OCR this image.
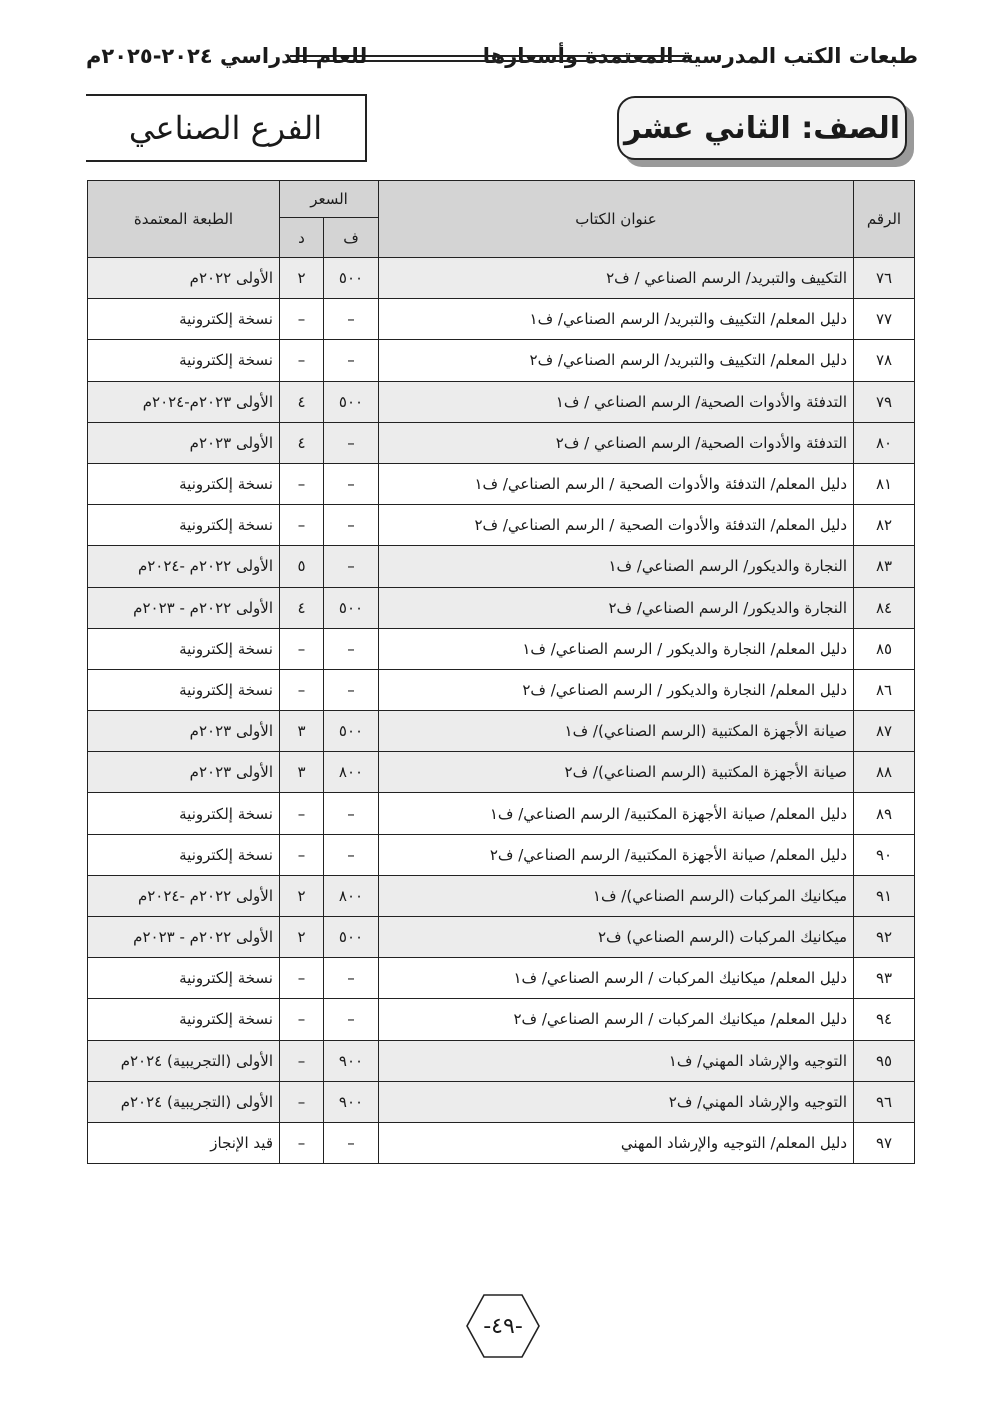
طبعات الكتب المدرسية المعتمدة وأسعارها
للعام الدراسي ٢٠٢٤-٢٠٢٥م
الصف: الثاني عشر
الفرع الصناعي
الرقم	عنوان الكتاب	السعر		الطبعة المعتمدة
		ف	د	
٧٦	التكييف والتبريد/ الرسم الصناعي / ف٢	٥٠٠	٢	الأولى ٢٠٢٢م
٧٧	دليل المعلم/ التكييف والتبريد/ الرسم الصناعي/ ف١	–	–	نسخة إلكترونية
٧٨	دليل المعلم/ التكييف والتبريد/ الرسم الصناعي/ ف٢	–	–	نسخة إلكترونية
٧٩	التدفئة والأدوات الصحية/ الرسم الصناعي / ف١	٥٠٠	٤	الأولى ٢٠٢٣م-٢٠٢٤م
٨٠	التدفئة والأدوات الصحية/ الرسم الصناعي / ف٢	–	٤	الأولى ٢٠٢٣م
٨١	دليل المعلم/ التدفئة والأدوات الصحية / الرسم الصناعي/ ف١	–	–	نسخة إلكترونية
٨٢	دليل المعلم/ التدفئة والأدوات الصحية / الرسم الصناعي/ ف٢	–	–	نسخة إلكترونية
٨٣	النجارة والديكور/ الرسم الصناعي/ ف١	–	٥	الأولى ٢٠٢٢م -٢٠٢٤م
٨٤	النجارة والديكور/ الرسم الصناعي/ ف٢	٥٠٠	٤	الأولى ٢٠٢٢م - ٢٠٢٣م
٨٥	دليل المعلم/ النجارة والديكور / الرسم الصناعي/ ف١	–	–	نسخة إلكترونية
٨٦	دليل المعلم/ النجارة والديكور / الرسم الصناعي/ ف٢	–	–	نسخة إلكترونية
٨٧	صيانة الأجهزة المكتبية (الرسم الصناعي)/ ف١	٥٠٠	٣	الأولى ٢٠٢٣م
٨٨	صيانة الأجهزة المكتبية (الرسم الصناعي)/ ف٢	٨٠٠	٣	الأولى ٢٠٢٣م
٨٩	دليل المعلم/ صيانة الأجهزة المكتبية/ الرسم الصناعي/ ف١	–	–	نسخة إلكترونية
٩٠	دليل المعلم/ صيانة الأجهزة المكتبية/ الرسم الصناعي/ ف٢	–	–	نسخة إلكترونية
٩١	ميكانيك المركبات (الرسم الصناعي)/ ف١	٨٠٠	٢	الأولى ٢٠٢٢م -٢٠٢٤م
٩٢	ميكانيك المركبات (الرسم الصناعي) ف٢	٥٠٠	٢	الأولى ٢٠٢٢م - ٢٠٢٣م
٩٣	دليل المعلم/ ميكانيك المركبات / الرسم الصناعي/ ف١	–	–	نسخة إلكترونية
٩٤	دليل المعلم/ ميكانيك المركبات / الرسم الصناعي/ ف٢	–	–	نسخة إلكترونية
٩٥	التوجيه والإرشاد المهني/ ف١	٩٠٠	–	الأولى (التجريبية) ٢٠٢٤م
٩٦	التوجيه والإرشاد المهني/ ف٢	٩٠٠	–	الأولى (التجريبية) ٢٠٢٤م
٩٧	دليل المعلم/ التوجيه والإرشاد المهني	–	–	قيد الإنجاز
-٤٩-
